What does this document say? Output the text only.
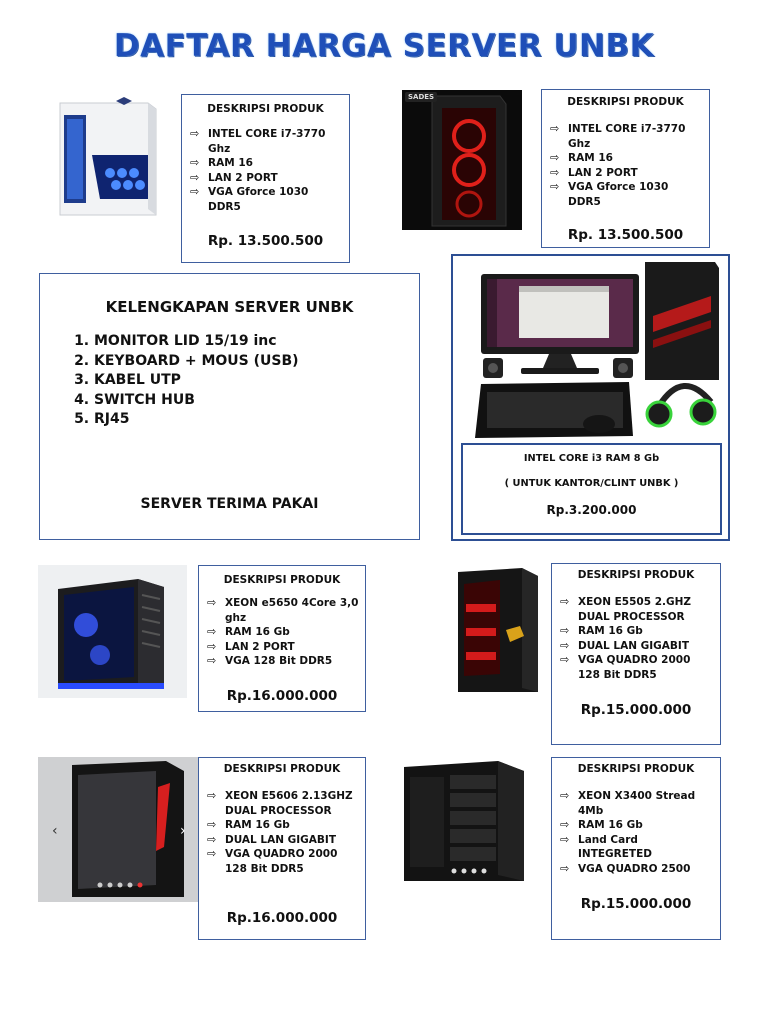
DAFTAR HARGA SERVER UNBK
DESKRIPSI PRODUK
⇨ INTEL CORE i7-3770 Ghz
⇨ RAM 16
⇨ LAN 2 PORT
⇨ VGA Gforce 1030 DDR5
Rp. 13.500.500
SADES	DESKRIPSI PRODUK
⇨ INTEL CORE i7-3770 Ghz
⇨ RAM 16
⇨ LAN 2 PORT
⇨ VGA Gforce 1030 DDR5
Rp. 13.500.500
KELENGKAPAN SERVER UNBK
1. MONITOR LID 15/19 inc
2. KEYBOARD + MOUS (USB)
3. KABEL UTP
4. SWITCH HUB
5. RJ45
SERVER TERIMA PAKAI
INTEL CORE i3 RAM 8 Gb
( UNTUK KANTOR/CLINT UNBK )
Rp.3.200.000
DESKRIPSI PRODUK
⇨ XEON e5650 4Core 3,0 ghz
⇨ RAM 16 Gb
⇨ LAN 2 PORT
⇨ VGA 128 Bit DDR5
Rp.16.000.000
DESKRIPSI PRODUK
⇨ XEON E5505 2.GHZ DUAL PROCESSOR
⇨ RAM 16 Gb
⇨ DUAL LAN GIGABIT
⇨ VGA QUADRO 2000 128 Bit DDR5
Rp.15.000.000
‹	›
DESKRIPSI PRODUK
⇨ XEON E5606 2.13GHZ DUAL PROCESSOR
⇨ RAM 16 Gb
⇨ DUAL LAN GIGABIT
⇨ VGA QUADRO 2000 128 Bit DDR5
Rp.16.000.000
DESKRIPSI PRODUK
⇨ XEON X3400 Stread 4Mb
⇨ RAM 16 Gb
⇨ Land Card INTEGRETED
⇨ VGA QUADRO 2500
Rp.15.000.000
